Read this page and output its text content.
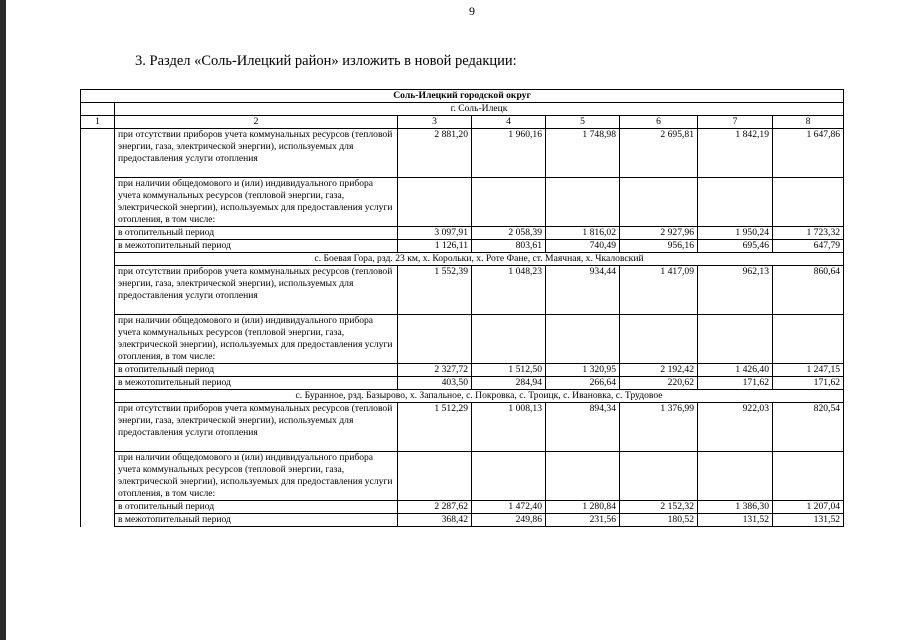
9
3. Раздел «Соль-Илецкий район» изложить в новой редакции:
Соль-Илецкий городской округ							
	г. Соль-Илецк						
1	2	3	4	5	6	7	8
	при отсутствии приборов учета коммунальных ресурсов (тепловой энергии, газа, электрической энергии), используемых для предоставления услуги отопления	2 881,20	1 960,16	1 748,98	2 695,81	1 842,19	1 647,86
	при наличии общедомового и (или) индивидуального прибора учета коммунальных ресурсов (тепловой энергии, газа, электрической энергии), используемых для предоставления услуги отопления, в том числе:						
	в отопительный период	3 097,91	2 058,39	1 816,02	2 927,96	1 950,24	1 723,32
	в межотопительный период	1 126,11	803,61	740,49	956,16	695,46	647,79
	с. Боевая Гора, рзд. 23 км, х. Корольки, х. Роте Фане, ст. Маячная, х. Чкаловский						
	при отсутствии приборов учета коммунальных ресурсов (тепловой энергии, газа, электрической энергии), используемых для предоставления услуги отопления	1 552,39	1 048,23	934,44	1 417,09	962,13	860,64
	при наличии общедомового и (или) индивидуального прибора учета коммунальных ресурсов (тепловой энергии, газа, электрической энергии), используемых для предоставления услуги отопления, в том числе:						
	в отопительный период	2 327,72	1 512,50	1 320,95	2 192,42	1 426,40	1 247,15
	в межотопительный период	403,50	284,94	266,64	220,62	171,62	171,62
	с. Буранное, рзд. Базырово, х. Запальное, с. Покровка, с. Троицк, с. Ивановка, с. Трудовое						
	при отсутствии приборов учета коммунальных ресурсов (тепловой энергии, газа, электрической энергии), используемых для предоставления услуги отопления	1 512,29	1 008,13	894,34	1 376,99	922,03	820,54
	при наличии общедомового и (или) индивидуального прибора учета коммунальных ресурсов (тепловой энергии, газа, электрической энергии), используемых для предоставления услуги отопления, в том числе:						
	в отопительный период	2 287,62	1 472,40	1 280,84	2 152,32	1 386,30	1 207,04
	в межотопительный период	368,42	249,86	231,56	180,52	131,52	131,52
